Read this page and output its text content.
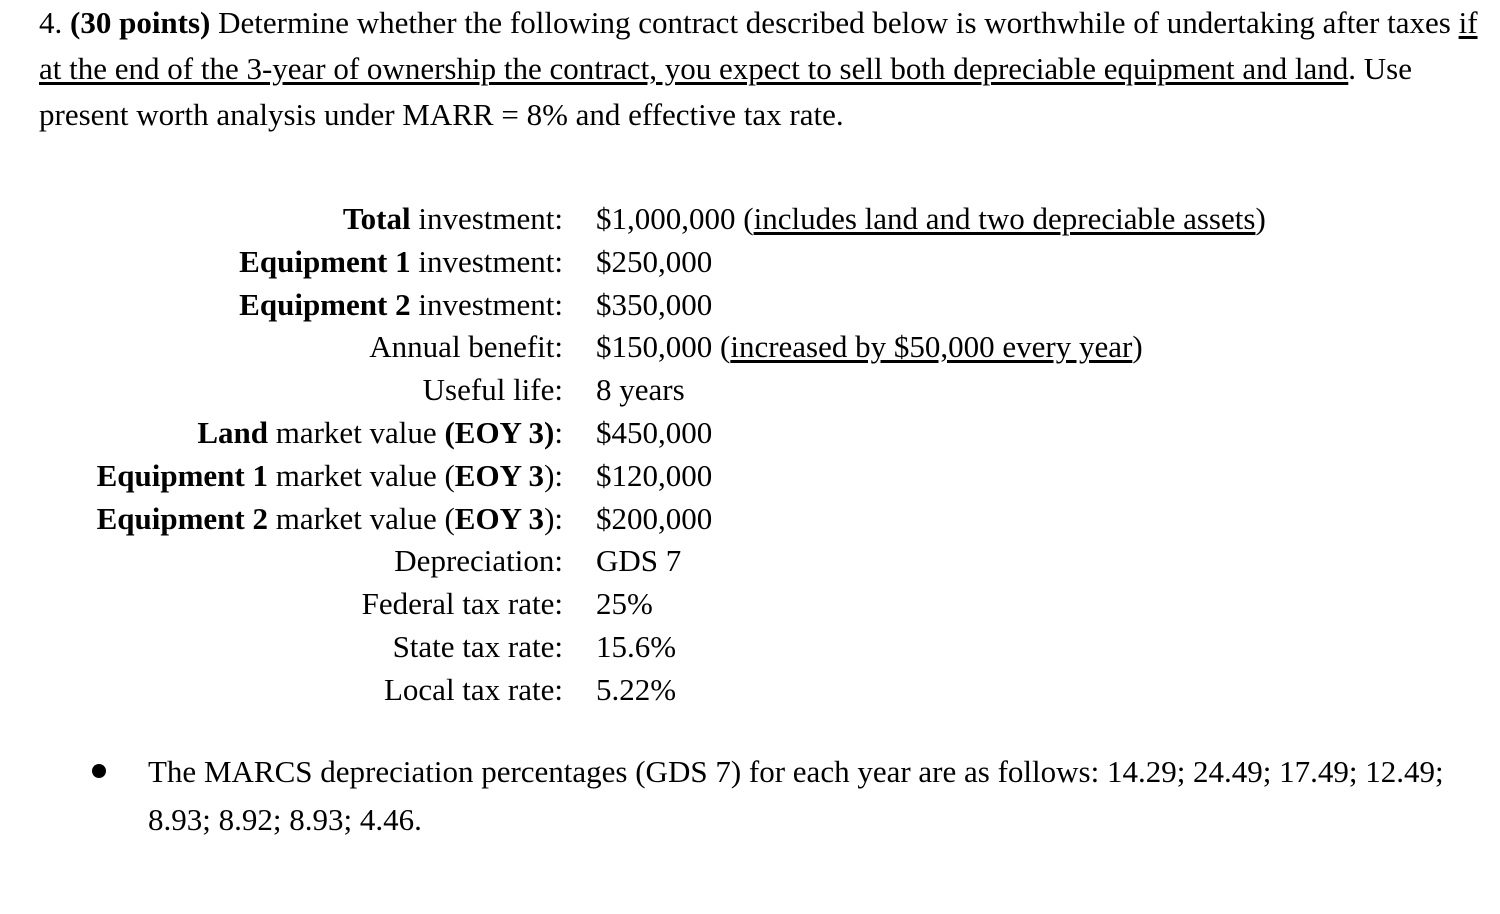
4. (30 points) Determine whether the following contract described below is worthwhile of undertaking after taxes if at the end of the 3-year of ownership the contract, you expect to sell both depreciable equipment and land. Use present worth analysis under MARR = 8% and effective tax rate.

Total investment:	$1,000,000 (includes land and two depreciable assets)
Equipment 1 investment:	$250,000
Equipment 2 investment:	$350,000
Annual benefit:	$150,000 (increased by $50,000 every year)
Useful life:	8 years
Land market value (EOY 3):	$450,000
Equipment 1 market value (EOY 3):	$120,000
Equipment 2 market value (EOY 3):	$200,000
Depreciation:	GDS 7
Federal tax rate:	25%
State tax rate:	15.6%
Local tax rate:	5.22%
The MARCS depreciation percentages (GDS 7) for each year are as follows: 14.29; 24.49; 17.49; 12.49; 8.93; 8.92; 8.93; 4.46.
